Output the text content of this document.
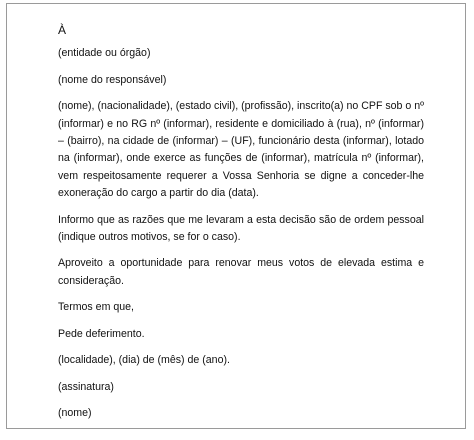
À

(entidade ou órgão)

(nome do responsável)

(nome), (nacionalidade), (estado civil), (profissão), inscrito(a) no CPF sob o nº (informar) e no RG nº (informar), residente e domiciliado à (rua), nº (informar) – (bairro), na cidade de (informar) – (UF), funcionário desta (informar), lotado na (informar), onde exerce as funções de (informar), matrícula nº (informar), vem respeitosamente requerer a Vossa Senhoria se digne a conceder-lhe exoneração do cargo a partir do dia (data).

Informo que as razões que me levaram a esta decisão são de ordem pessoal (indique outros motivos, se for o caso).

Aproveito a oportunidade para renovar meus votos de elevada estima e consideração.

Termos em que,

Pede deferimento.

(localidade), (dia) de (mês) de (ano).

(assinatura)

(nome)
